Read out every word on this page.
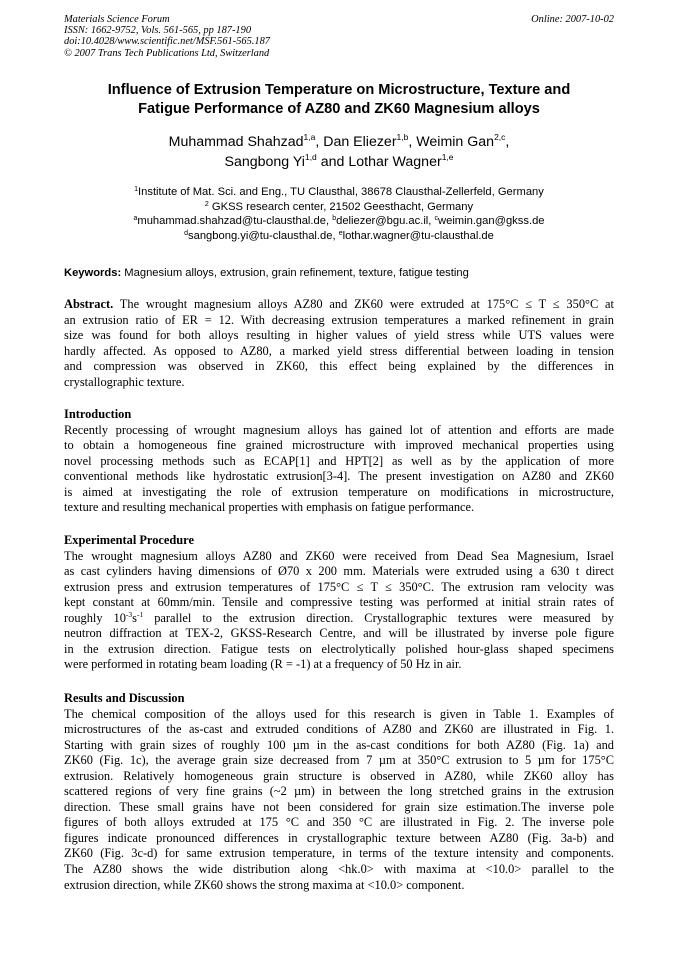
Materials Science Forum
ISSN: 1662-9752, Vols. 561-565, pp 187-190
doi:10.4028/www.scientific.net/MSF.561-565.187
© 2007 Trans Tech Publications Ltd, Switzerland
Online: 2007-10-02
Influence of Extrusion Temperature on Microstructure, Texture and
Fatigue Performance of AZ80 and ZK60 Magnesium alloys
Muhammad Shahzad$^{1,a}$, Dan Eliezer$^{1,b}$, Weimin Gan$^{2,c}$,
Sangbong Yi$^{1,d}$ and Lothar Wagner$^{1,e}$
$^1$Institute of Mat. Sci. and Eng., TU Clausthal, 38678 Clausthal-Zellerfeld, Germany
$^2$ GKSS research center, 21502 Geesthacht, Germany
$^a$muhammad.shahzad@tu-clausthal.de, $^b$deliezer@bgu.ac.il, $^c$weimin.gan@gkss.de
$^d$sangbong.yi@tu-clausthal.de, $^e$lothar.wagner@tu-clausthal.de
Keywords: Magnesium alloys, extrusion, grain refinement, texture, fatigue testing
Abstract. The wrought magnesium alloys AZ80 and ZK60 were extruded at 175°C ≤ T ≤ 350°C at
an extrusion ratio of ER = 12. With decreasing extrusion temperatures a marked refinement in grain
size was found for both alloys resulting in higher values of yield stress while UTS values were
hardly affected. As opposed to AZ80, a marked yield stress differential between loading in tension
and compression was observed in ZK60, this effect being explained by the differences in
crystallographic texture.
Introduction
Recently processing of wrought magnesium alloys has gained lot of attention and efforts are made
to obtain a homogeneous fine grained microstructure with improved mechanical properties using
novel processing methods such as ECAP[1] and HPT[2] as well as by the application of more
conventional methods like hydrostatic extrusion[3-4]. The present investigation on AZ80 and ZK60
is aimed at investigating the role of extrusion temperature on modifications in microstructure,
texture and resulting mechanical properties with emphasis on fatigue performance.
Experimental Procedure
The wrought magnesium alloys AZ80 and ZK60 were received from Dead Sea Magnesium, Israel
as cast cylinders having dimensions of Ø70 x 200 mm. Materials were extruded using a 630 t direct
extrusion press and extrusion temperatures of 175°C ≤ T ≤ 350°C. The extrusion ram velocity was
kept constant at 60mm/min. Tensile and compressive testing was performed at initial strain rates of
roughly $10^{-3}s^{-1}$ parallel to the extrusion direction. Crystallographic textures were measured by
neutron diffraction at TEX-2, GKSS-Research Centre, and will be illustrated by inverse pole figure
in the extrusion direction. Fatigue tests on electrolytically polished hour-glass shaped specimens
were performed in rotating beam loading (R = -1) at a frequency of 50 Hz in air.
Results and Discussion
The chemical composition of the alloys used for this research is given in Table 1. Examples of
microstructures of the as-cast and extruded conditions of AZ80 and ZK60 are illustrated in Fig. 1.
Starting with grain sizes of roughly 100 µm in the as-cast conditions for both AZ80 (Fig. 1a) and
ZK60 (Fig. 1c), the average grain size decreased from 7 µm at 350°C extrusion to 5 µm for 175°C
extrusion. Relatively homogeneous grain structure is observed in AZ80, while ZK60 alloy has
scattered regions of very fine grains (~2 µm) in between the long stretched grains in the extrusion
direction. These small grains have not been considered for grain size estimation.The inverse pole
figures of both alloys extruded at 175 °C and 350 °C are illustrated in Fig. 2. The inverse pole
figures indicate pronounced differences in crystallographic texture between AZ80 (Fig. 3a-b) and
ZK60 (Fig. 3c-d) for same extrusion temperature, in terms of the texture intensity and components.
The AZ80 shows the wide distribution along <hk.0> with maxima at <10.0> parallel to the
extrusion direction, while ZK60 shows the strong maxima at <10.0> component.
